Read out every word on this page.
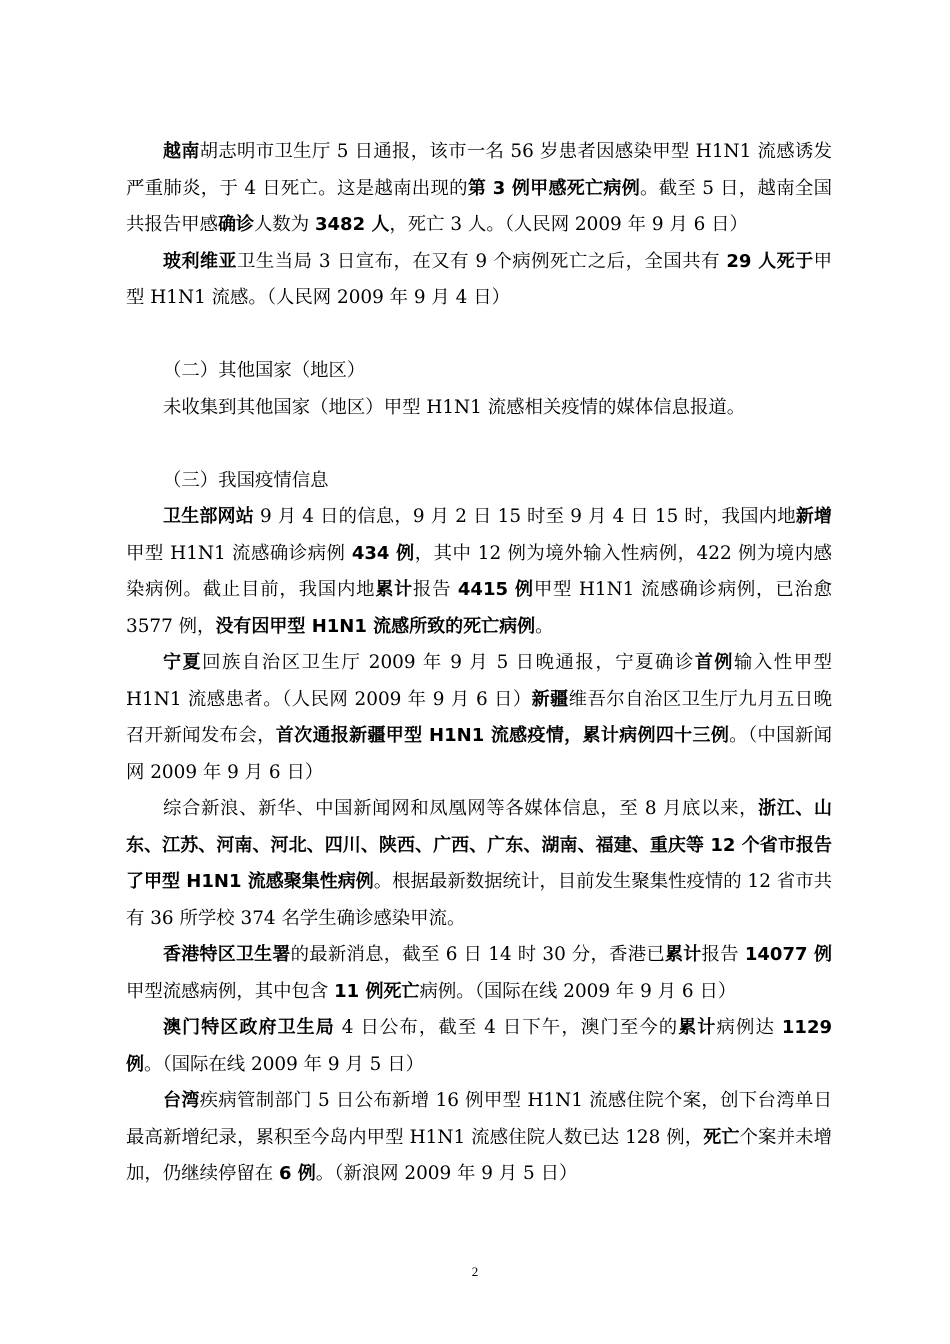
越南胡志明市卫生厅 5 日通报，该市一名 56 岁患者因感染甲型 H1N1 流感诱发严重肺炎，于 4 日死亡。这是越南出现的第 3 例甲感死亡病例。截至 5 日，越南全国共报告甲感确诊人数为 3482 人，死亡 3 人。（人民网 2009 年 9 月 6 日）

玻利维亚卫生当局 3 日宣布，在又有 9 个病例死亡之后，全国共有 29 人死于甲型 H1N1 流感。（人民网 2009 年 9 月 4 日）

（二）其他国家（地区）

未收集到其他国家（地区）甲型 H1N1 流感相关疫情的媒体信息报道。

（三）我国疫情信息

卫生部网站 9 月 4 日的信息，9 月 2 日 15 时至 9 月 4 日 15 时，我国内地新增甲型 H1N1 流感确诊病例 434 例，其中 12 例为境外输入性病例，422 例为境内感染病例。截止目前，我国内地累计报告 4415 例甲型 H1N1 流感确诊病例，已治愈 3577 例，没有因甲型 H1N1 流感所致的死亡病例。

宁夏回族自治区卫生厅 2009 年 9 月 5 日晚通报，宁夏确诊首例输入性甲型 H1N1 流感患者。（人民网 2009 年 9 月 6 日）新疆维吾尔自治区卫生厅九月五日晚召开新闻发布会，首次通报新疆甲型 H1N1 流感疫情，累计病例四十三例。（中国新闻网 2009 年 9 月 6 日）

综合新浪、新华、中国新闻网和凤凰网等各媒体信息，至 8 月底以来，浙江、山东、江苏、河南、河北、四川、陕西、广西、广东、湖南、福建、重庆等 12 个省市报告了甲型 H1N1 流感聚集性病例。根据最新数据统计，目前发生聚集性疫情的 12 省市共有 36 所学校 374 名学生确诊感染甲流。

香港特区卫生署的最新消息，截至 6 日 14 时 30 分，香港已累计报告 14077 例甲型流感病例，其中包含 11 例死亡病例。（国际在线 2009 年 9 月 6 日）

澳门特区政府卫生局 4 日公布，截至 4 日下午，澳门至今的累计病例达 1129 例。（国际在线 2009 年 9 月 5 日）

台湾疾病管制部门 5 日公布新增 16 例甲型 H1N1 流感住院个案，创下台湾单日最高新增纪录，累积至今岛内甲型 H1N1 流感住院人数已达 128 例，死亡个案并未增加，仍继续停留在 6 例。（新浪网 2009 年 9 月 5 日）

2
